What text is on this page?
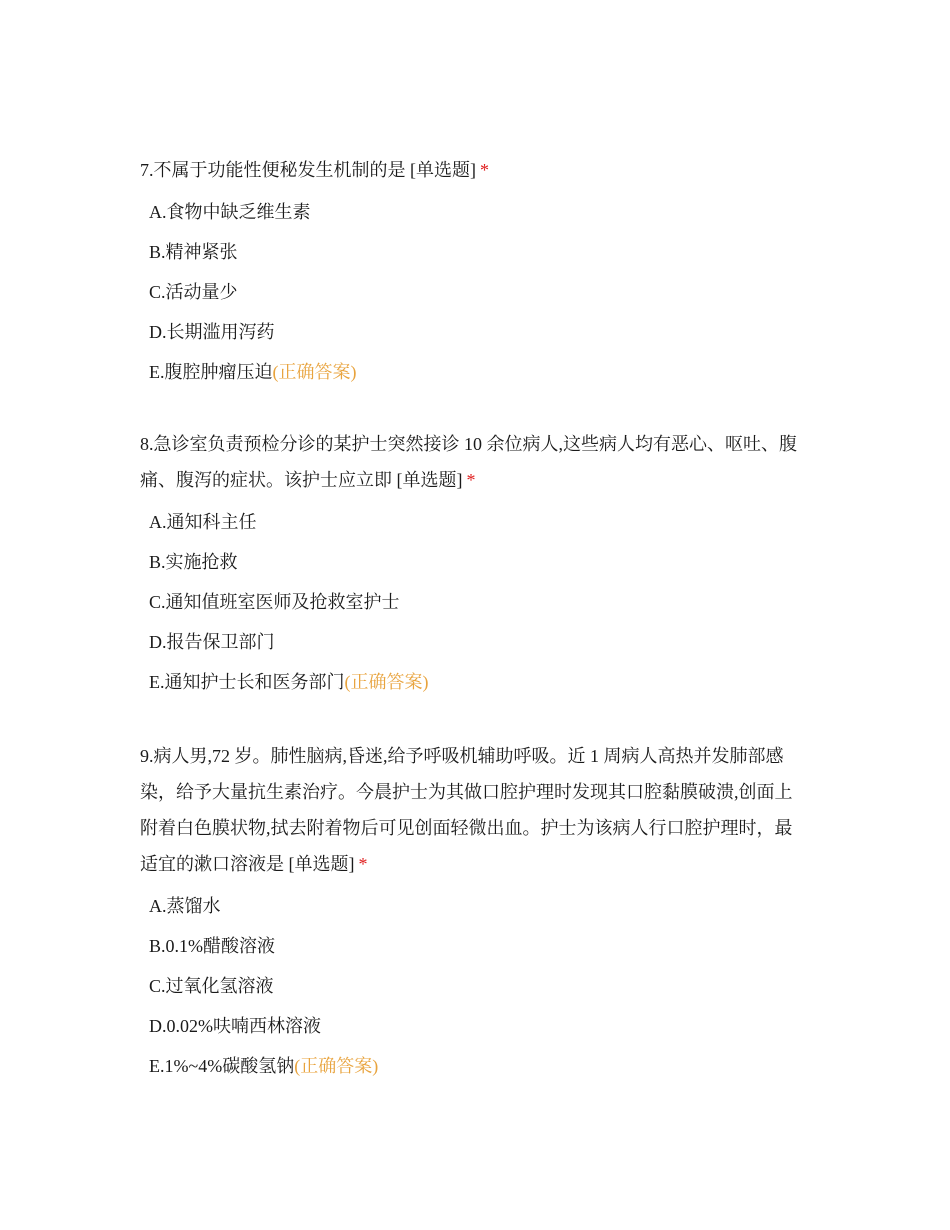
7.不属于功能性便秘发生机制的是 [单选题] *
A.食物中缺乏维生素
B.精神紧张
C.活动量少
D.长期滥用泻药
E.腹腔肿瘤压迫(正确答案)
8.急诊室负责预检分诊的某护士突然接诊 10 余位病人,这些病人均有恶心、呕吐、腹痛、腹泻的症状。该护士应立即 [单选题] *
A.通知科主任
B.实施抢救
C.通知值班室医师及抢救室护士
D.报告保卫部门
E.通知护士长和医务部门(正确答案)
9.病人男,72 岁。肺性脑病,昏迷,给予呼吸机辅助呼吸。近 1 周病人高热并发肺部感染，给予大量抗生素治疗。今晨护士为其做口腔护理时发现其口腔黏膜破溃,创面上附着白色膜状物,拭去附着物后可见创面轻微出血。护士为该病人行口腔护理时，最适宜的漱口溶液是 [单选题] *
A.蒸馏水
B.0.1%醋酸溶液
C.过氧化氢溶液
D.0.02%呋喃西林溶液
E.1%~4%碳酸氢钠(正确答案)
